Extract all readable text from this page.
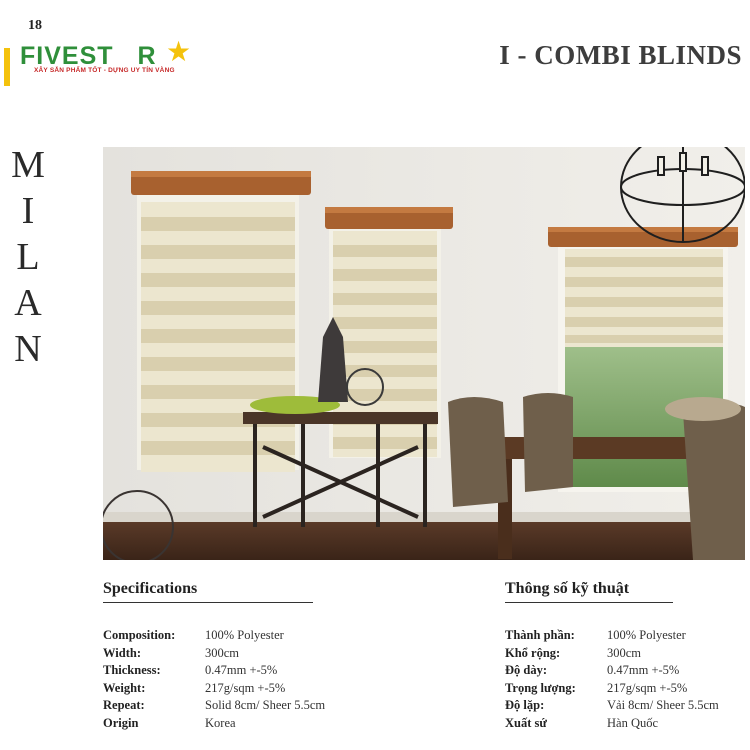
18
FIVEST R ★
XÂY SẮN PHẨM TỐT - DỰNG UY TÍN VÀNG
I - COMBI BLINDS
M
I
L
A
N
Specifications
Composition:	100% Polyester
Width:	300cm
Thickness:	0.47mm +-5%
Weight:	217g/sqm +-5%
Repeat:	Solid 8cm/ Sheer 5.5cm
Origin	Korea
Thông số kỹ thuật
Thành phần:	100% Polyester
Khổ rộng:	300cm
Độ dày:	0.47mm +-5%
Trọng lượng:	217g/sqm +-5%
Độ lặp:	Vải 8cm/ Sheer 5.5cm
Xuất sứ	Hàn Quốc
